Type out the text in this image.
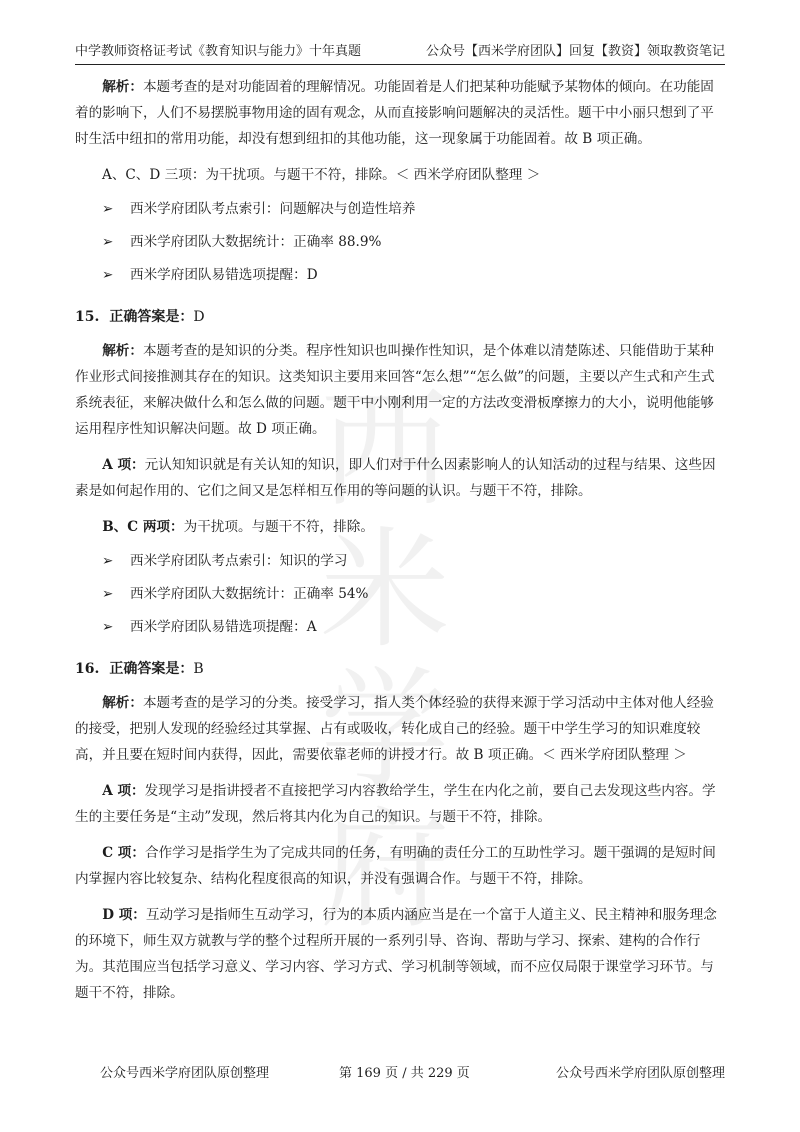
中学教师资格证考试《教育知识与能力》十年真题	公众号【西米学府团队】回复【教资】领取教资笔记
西米学府

解析：本题考查的是对功能固着的理解情况。功能固着是人们把某种功能赋予某物体的倾向。在功能固着的影响下，人们不易摆脱事物用途的固有观念，从而直接影响问题解决的灵活性。题干中小丽只想到了平时生活中纽扣的常用功能，却没有想到纽扣的其他功能，这一现象属于功能固着。故 B 项正确。

A、C、D 三项：为干扰项。与题干不符，排除。＜ 西米学府团队整理 ＞

➢ 西米学府团队考点索引：问题解决与创造性培养
➢ 西米学府团队大数据统计：正确率 88.9%
➢ 西米学府团队易错选项提醒：D
15. 正确答案是：D

解析：本题考查的是知识的分类。程序性知识也叫操作性知识，是个体难以清楚陈述、只能借助于某种作业形式间接推测其存在的知识。这类知识主要用来回答“怎么想”“怎么做”的问题，主要以产生式和产生式系统表征，来解决做什么和怎么做的问题。题干中小刚利用一定的方法改变滑板摩擦力的大小，说明他能够运用程序性知识解决问题。故 D 项正确。

A 项：元认知知识就是有关认知的知识，即人们对于什么因素影响人的认知活动的过程与结果、这些因素是如何起作用的、它们之间又是怎样相互作用的等问题的认识。与题干不符，排除。

B、C 两项：为干扰项。与题干不符，排除。

➢ 西米学府团队考点索引：知识的学习
➢ 西米学府团队大数据统计：正确率 54%
➢ 西米学府团队易错选项提醒：A
16. 正确答案是：B

解析：本题考查的是学习的分类。接受学习，指人类个体经验的获得来源于学习活动中主体对他人经验的接受，把别人发现的经验经过其掌握、占有或吸收，转化成自己的经验。题干中学生学习的知识难度较高，并且要在短时间内获得，因此，需要依靠老师的讲授才行。故 B 项正确。＜ 西米学府团队整理 ＞

A 项：发现学习是指讲授者不直接把学习内容教给学生，学生在内化之前，要自己去发现这些内容。学生的主要任务是“主动”发现，然后将其内化为自己的知识。与题干不符，排除。

C 项：合作学习是指学生为了完成共同的任务，有明确的责任分工的互助性学习。题干强调的是短时间内掌握内容比较复杂、结构化程度很高的知识，并没有强调合作。与题干不符，排除。

D 项：互动学习是指师生互动学习，行为的本质内涵应当是在一个富于人道主义、民主精神和服务理念的环境下，师生双方就教与学的整个过程所开展的一系列引导、咨询、帮助与学习、探索、建构的合作行为。其范围应当包括学习意义、学习内容、学习方式、学习机制等领域，而不应仅局限于课堂学习环节。与题干不符，排除。

公众号西米学府团队原创整理	第 169 页 / 共 229 页	公众号西米学府团队原创整理
